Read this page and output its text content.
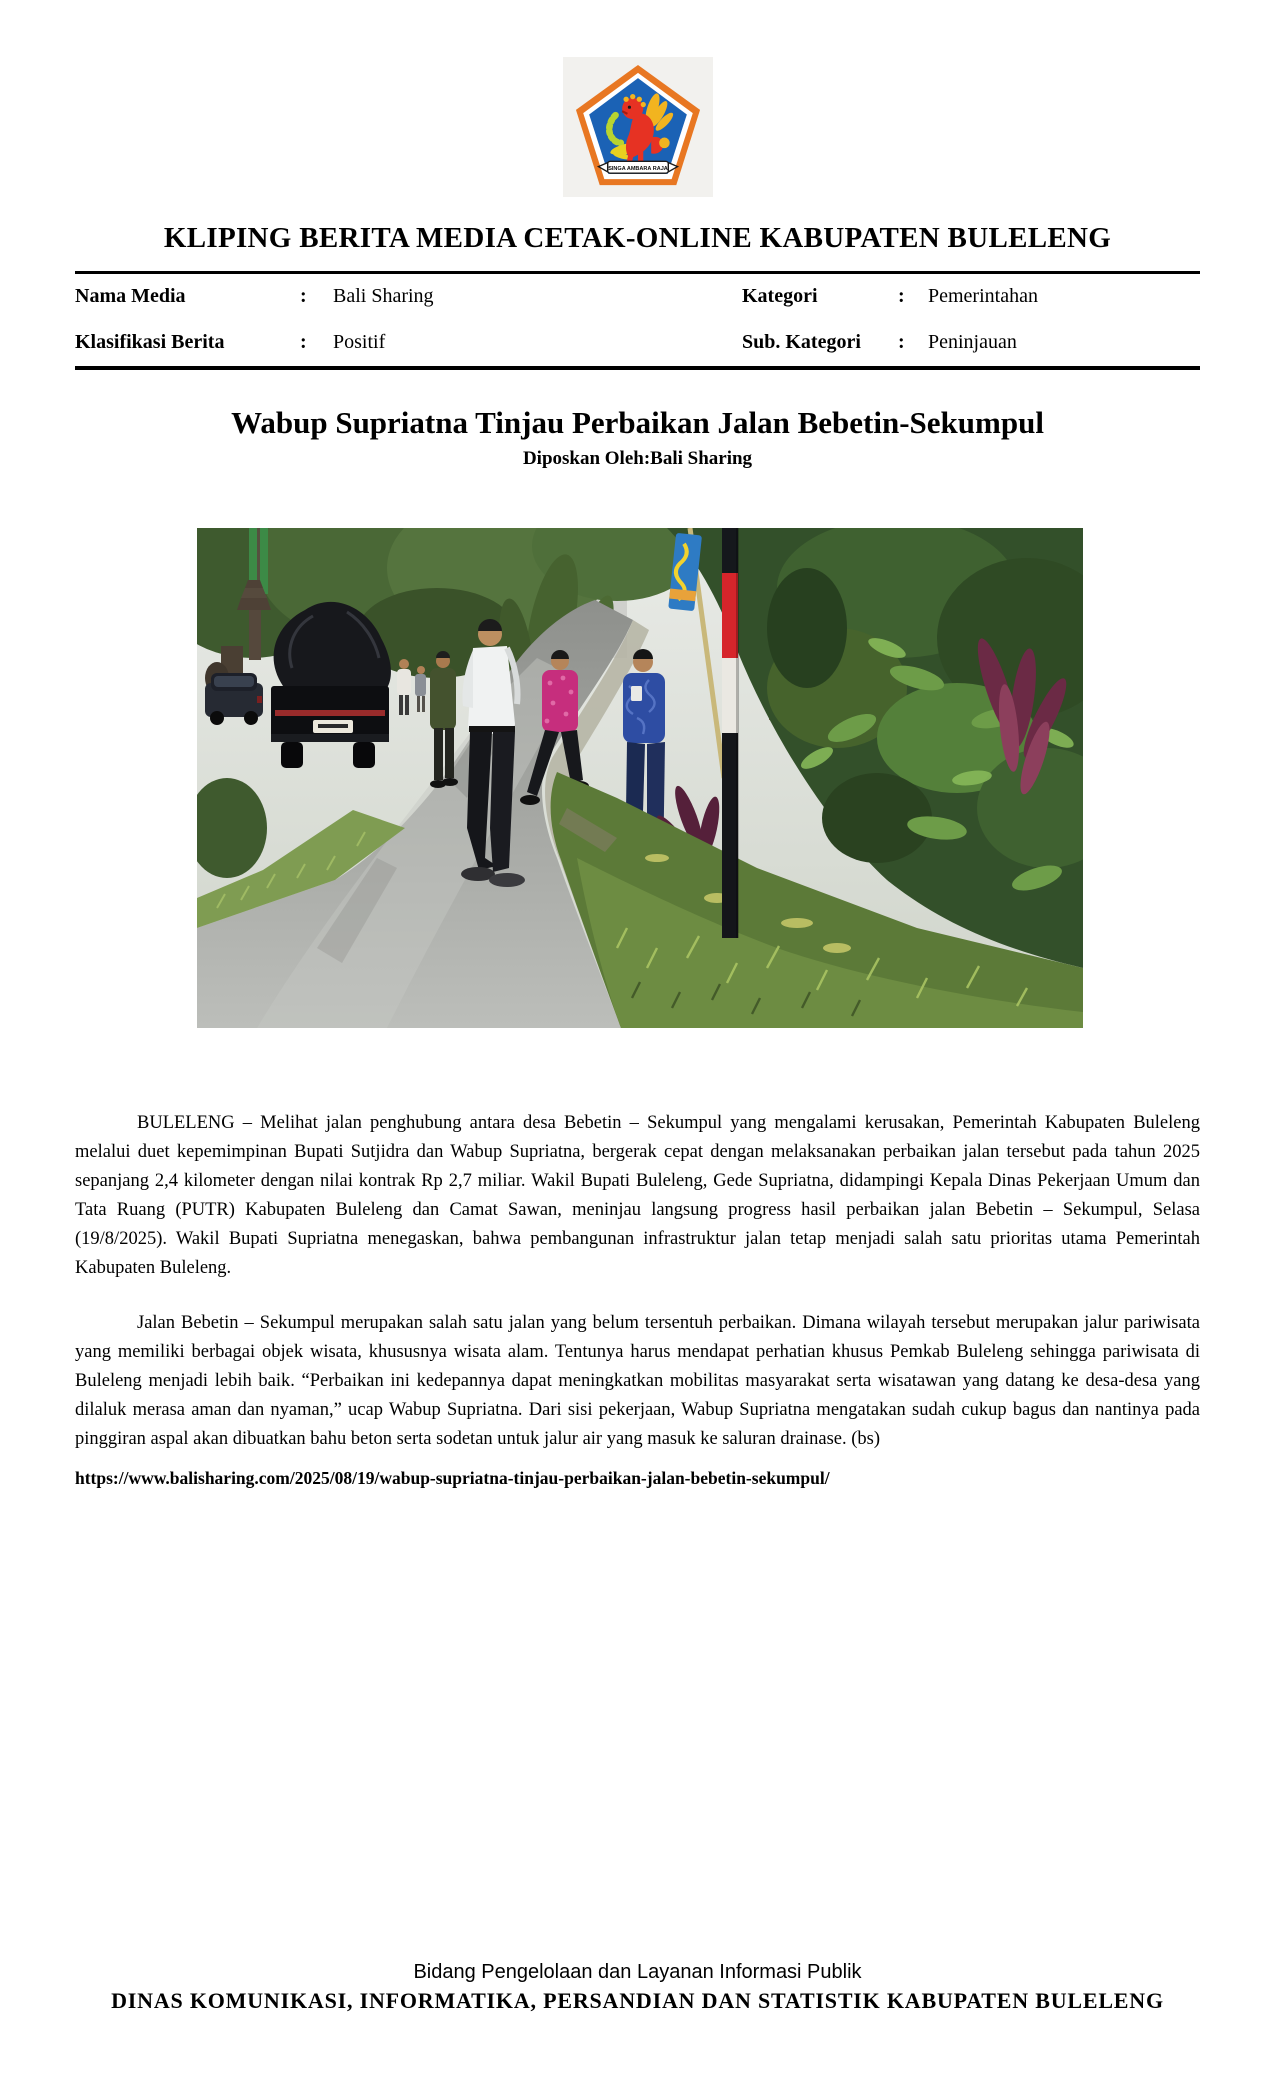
SINGA AMBARA RAJA
KLIPING BERITA MEDIA CETAK-ONLINE KABUPATEN BULELENG
Nama Media	: Bali Sharing	Kategori	: Pemerintahan
Klasifikasi Berita	: Positif	Sub. Kategori : Peninjauan
Wabup Supriatna Tinjau Perbaikan Jalan Bebetin-Sekumpul
Diposkan Oleh:Bali Sharing

BULELENG – Melihat jalan penghubung antara desa Bebetin – Sekumpul yang mengalami kerusakan, Pemerintah Kabupaten Buleleng melalui duet kepemimpinan Bupati Sutjidra dan Wabup Supriatna, bergerak cepat dengan melaksanakan perbaikan jalan tersebut pada tahun 2025 sepanjang 2,4 kilometer dengan nilai kontrak Rp 2,7 miliar. Wakil Bupati Buleleng, Gede Supriatna, didampingi Kepala Dinas Pekerjaan Umum dan Tata Ruang (PUTR) Kabupaten Buleleng dan Camat Sawan, meninjau langsung progress hasil perbaikan jalan Bebetin – Sekumpul, Selasa (19/8/2025). Wakil Bupati Supriatna menegaskan, bahwa pembangunan infrastruktur jalan tetap menjadi salah satu prioritas utama Pemerintah Kabupaten Buleleng.

Jalan Bebetin – Sekumpul merupakan salah satu jalan yang belum tersentuh perbaikan. Dimana wilayah tersebut merupakan jalur pariwisata yang memiliki berbagai objek wisata, khususnya wisata alam. Tentunya harus mendapat perhatian khusus Pemkab Buleleng sehingga pariwisata di Buleleng menjadi lebih baik. “Perbaikan ini kedepannya dapat meningkatkan mobilitas masyarakat serta wisatawan yang datang ke desa-desa yang dilaluk merasa aman dan nyaman,” ucap Wabup Supriatna. Dari sisi pekerjaan, Wabup Supriatna mengatakan sudah cukup bagus dan nantinya pada pinggiran aspal akan dibuatkan bahu beton serta sodetan untuk jalur air yang masuk ke saluran drainase. (bs)

https://www.balisharing.com/2025/08/19/wabup-supriatna-tinjau-perbaikan-jalan-bebetin-sekumpul/
Bidang Pengelolaan dan Layanan Informasi Publik
DINAS KOMUNIKASI, INFORMATIKA, PERSANDIAN DAN STATISTIK KABUPATEN BULELENG
